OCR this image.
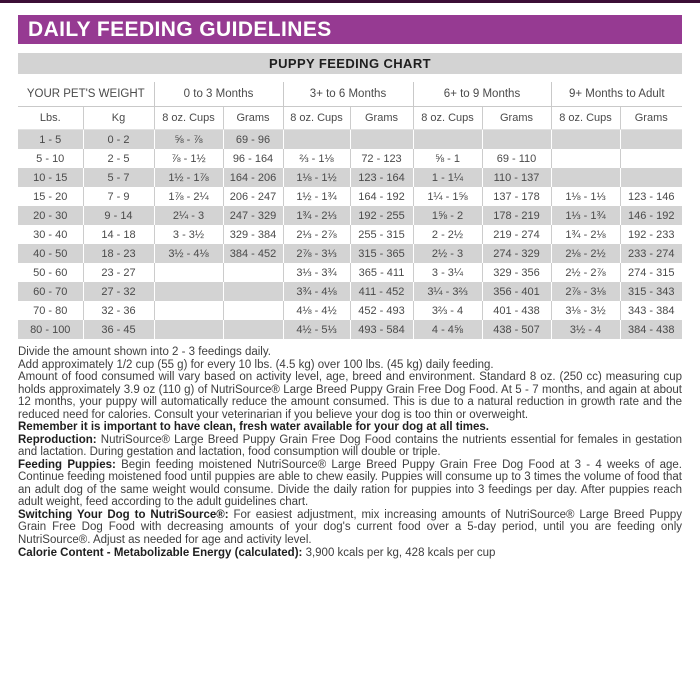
DAILY FEEDING GUIDELINES
PUPPY FEEDING CHART
YOUR PET'S WEIGHT		0 to 3 Months		3+ to 6 Months		6+ to 9 Months		9+ Months to Adult	
Lbs.	Kg	8 oz. Cups	Grams	8 oz. Cups	Grams	8 oz. Cups	Grams	8 oz. Cups	Grams
1 - 5	0 - 2	⅝ - ⅞	69 - 96						
5 - 10	2 - 5	⅞ - 1½	96 - 164	⅔ - 1⅛	72 - 123	⅝ - 1	69 - 110		
10 - 15	5 - 7	1½ - 1⅞	164 - 206	1⅛ - 1½	123 - 164	1 - 1¼	110 - 137		
15 - 20	7 - 9	1⅞ - 2¼	206 - 247	1½ - 1¾	164 - 192	1¼ - 1⅝	137 - 178	1⅛ - 1⅓	123 - 146
20 - 30	9 - 14	2¼ - 3	247 - 329	1¾ - 2⅓	192 - 255	1⅝ - 2	178 - 219	1⅓ - 1¾	146 - 192
30 - 40	14 - 18	3 - 3½	329 - 384	2⅓ - 2⅞	255 - 315	2 - 2½	219 - 274	1¾ - 2⅛	192 - 233
40 - 50	18 - 23	3½ - 4⅛	384 - 452	2⅞ - 3⅓	315 - 365	2½ - 3	274 - 329	2⅛ - 2½	233 - 274
50 - 60	23 - 27			3⅓ - 3¾	365 - 411	3 - 3¼	329 - 356	2½ - 2⅞	274 - 315
60 - 70	27 - 32			3¾ - 4⅛	411 - 452	3¼ - 3⅔	356 - 401	2⅞ - 3⅛	315 - 343
70 - 80	32 - 36			4⅛ - 4½	452 - 493	3⅔ - 4	401 - 438	3⅛ - 3½	343 - 384
80 - 100	36 - 45			4½ - 5⅓	493 - 584	4 - 4⅝	438 - 507	3½ - 4	384 - 438

Divide the amount shown into 2 - 3 feedings daily.

Add approximately 1/2 cup (55 g) for every 10 lbs. (4.5 kg) over 100 lbs. (45 kg) daily feeding.

Amount of food consumed will vary based on activity level, age, breed and environment. Standard 8 oz. (250 cc) measuring cup holds approximately 3.9 oz (110 g) of NutriSource® Large Breed Puppy Grain Free Dog Food. At 5 - 7 months, and again at about 12 months, your puppy will automatically reduce the amount consumed. This is due to a natural reduction in growth rate and the reduced need for calories. Consult your veterinarian if you believe your dog is too thin or overweight.

Remember it is important to have clean, fresh water available for your dog at all times.

Reproduction: NutriSource® Large Breed Puppy Grain Free Dog Food contains the nutrients essential for females in gestation and lactation. During gestation and lactation, food consumption will double or triple.

Feeding Puppies: Begin feeding moistened NutriSource® Large Breed Puppy Grain Free Dog Food at 3 - 4 weeks of age. Continue feeding moistened food until puppies are able to chew easily. Puppies will consume up to 3 times the volume of food that an adult dog of the same weight would consume. Divide the daily ration for puppies into 3 feedings per day. After puppies reach adult weight, feed according to the adult guidelines chart.

Switching Your Dog to NutriSource®: For easiest adjustment, mix increasing amounts of NutriSource® Large Breed Puppy Grain Free Dog Food with decreasing amounts of your dog's current food over a 5-day period, until you are feeding only NutriSource®. Adjust as needed for age and activity level.

Calorie Content - Metabolizable Energy (calculated): 3,900 kcals per kg, 428 kcals per cup
